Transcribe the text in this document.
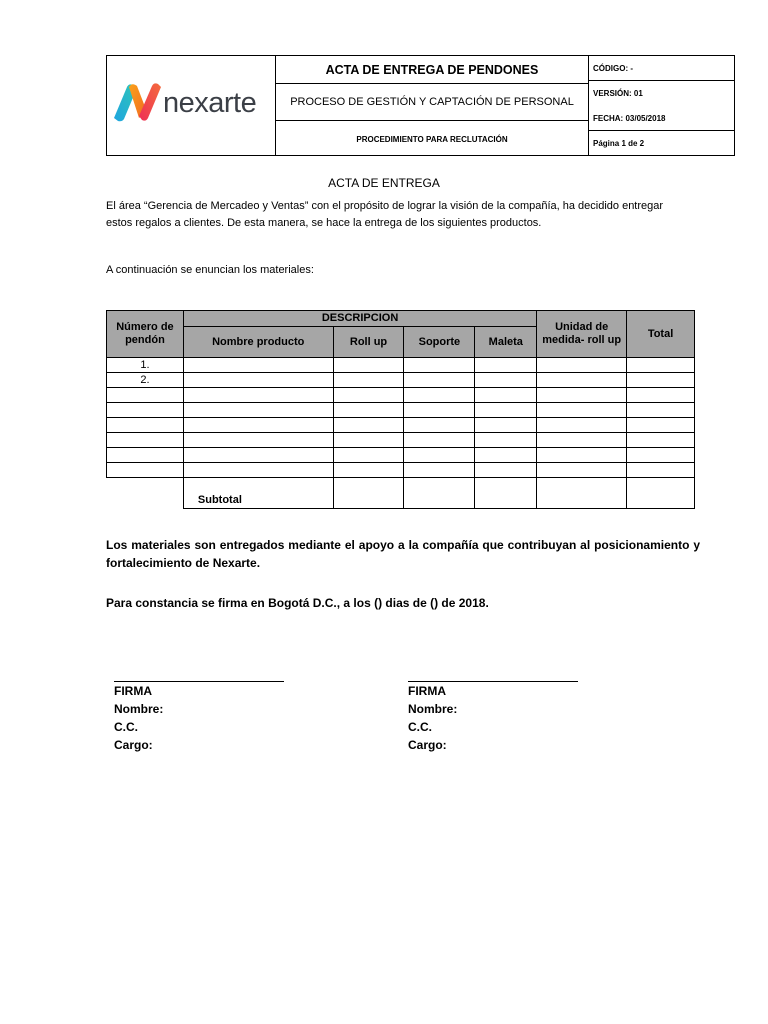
nexarte
ACTA DE ENTREGA DE PENDONES
PROCESO DE GESTIÓN Y CAPTACIÓN DE PERSONAL
PROCEDIMIENTO PARA RECLUTACIÓN
CÓDIGO: -
VERSIÓN: 01
FECHA: 03/05/2018
Página 1 de 2
ACTA DE ENTREGA
El área “Gerencia de Mercadeo y Ventas” con el propósito de lograr la visión de la compañía, ha decidido entregar
estos regalos a clientes. De esta manera, se hace la entrega de los siguientes productos.
A continuación se enuncian los materiales:
Número de pendón	DESCRIPCION				Unidad de medida- roll up	Total
	Nombre producto	Roll up	Soporte	Maleta		
1.						
2.						

	Subtotal					
Los materiales son entregados mediante el apoyo a la compañía que contribuyan al posicionamiento y
fortalecimiento de Nexarte.
Para constancia se firma en Bogotá D.C., a los () dias de () de 2018.
FIRMA
Nombre:
C.C.
Cargo:
FIRMA
Nombre:
C.C.
Cargo:
